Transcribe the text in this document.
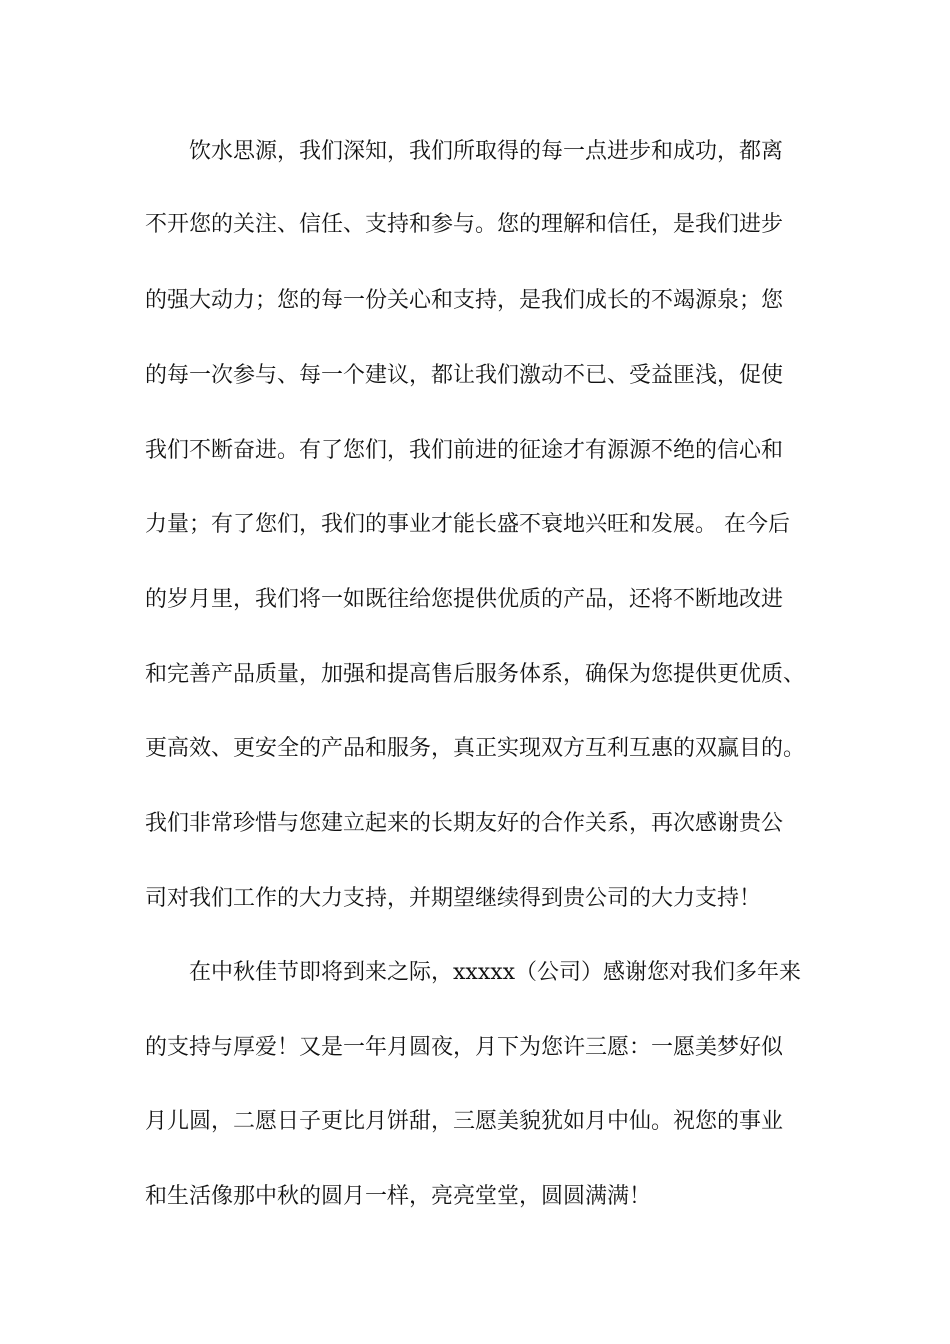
饮水思源，我们深知，我们所取得的每一点进步和成功，都离
不开您的关注、信任、支持和参与。您的理解和信任，是我们进步
的强大动力；您的每一份关心和支持，是我们成长的不竭源泉；您
的每一次参与、每一个建议，都让我们激动不已、受益匪浅，促使
我们不断奋进。有了您们，我们前进的征途才有源源不绝的信心和
力量；有了您们，我们的事业才能长盛不衰地兴旺和发展。 在今后
的岁月里，我们将一如既往给您提供优质的产品，还将不断地改进
和完善产品质量，加强和提高售后服务体系，确保为您提供更优质、
更高效、更安全的产品和服务，真正实现双方互利互惠的双赢目的。
我们非常珍惜与您建立起来的长期友好的合作关系，再次感谢贵公
司对我们工作的大力支持，并期望继续得到贵公司的大力支持！
在中秋佳节即将到来之际，xxxxx（公司）感谢您对我们多年来
的支持与厚爱！又是一年月圆夜，月下为您许三愿：一愿美梦好似
月儿圆，二愿日子更比月饼甜，三愿美貌犹如月中仙。祝您的事业
和生活像那中秋的圆月一样，亮亮堂堂，圆圆满满！
